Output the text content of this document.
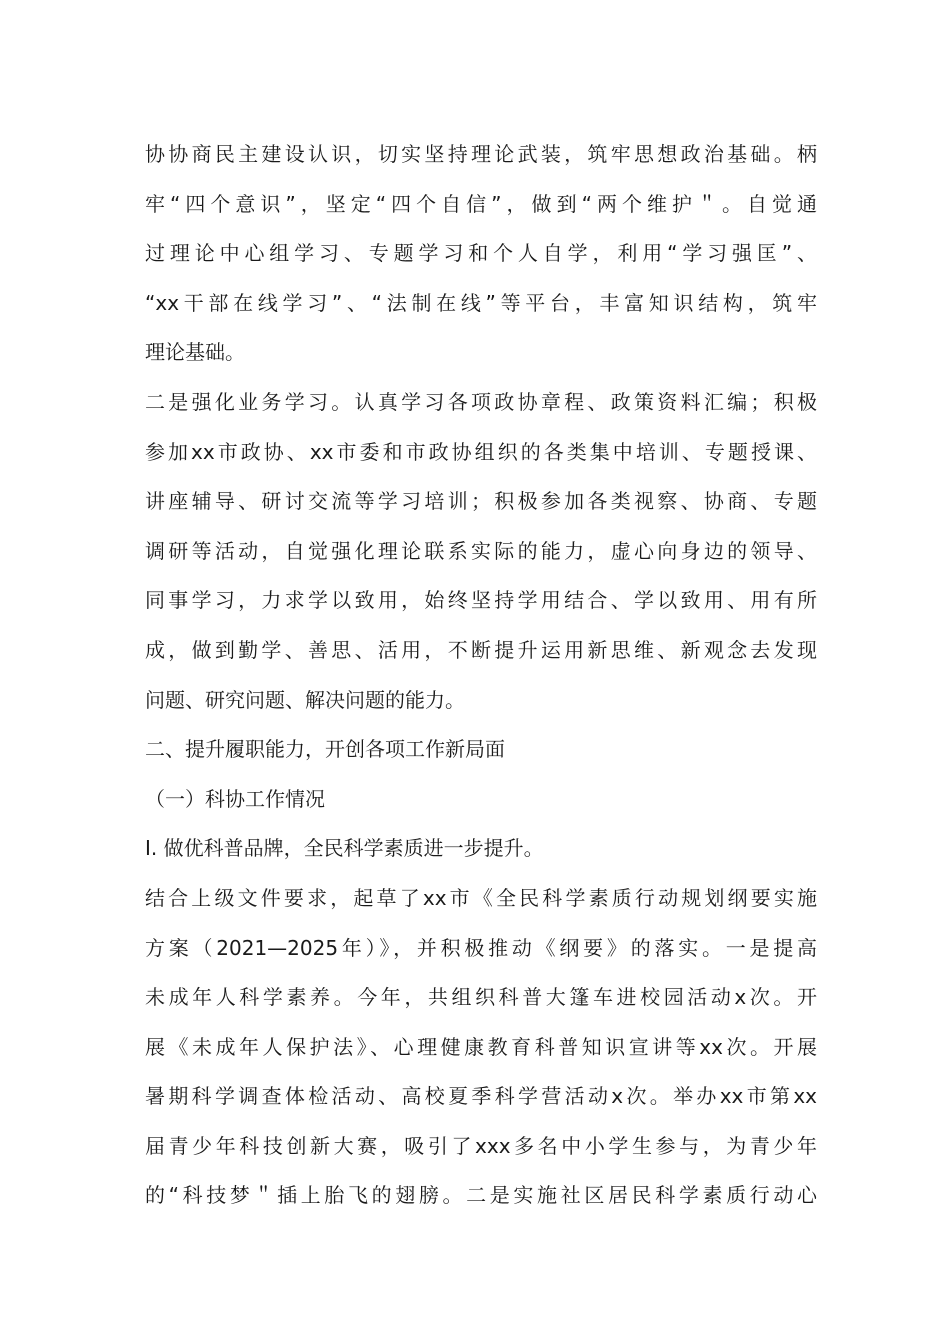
协协商民主建设认识，切实坚持理论武装，筑牢思想政治基础。柄
牢“四个意识”，坚定“四个自信”，做到“两个维护＂。自觉通
过理论中心组学习、专题学习和个人自学，利用“学习强匡”、
“xx干部在线学习”、“法制在线”等平台，丰富知识结构，筑牢
理论基础。
二是强化业务学习。认真学习各项政协章程、政策资料汇编；积极
参加xx市政协、xx市委和市政协组织的各类集中培训、专题授课、
讲座辅导、研讨交流等学习培训；积极参加各类视察、协商、专题
调研等活动，自觉强化理论联系实际的能力，虚心向身边的领导、
同事学习，力求学以致用，始终坚持学用结合、学以致用、用有所
成，做到勤学、善思、活用，不断提升运用新思维、新观念去发现
问题、研究问题、解决问题的能力。
二、提升履职能力，开创各项工作新局面
（一）科协工作情况
I. 做优科普品牌，全民科学素质进一步提升。
结合上级文件要求，起草了xx市《全民科学素质行动规划纲要实施
方案（2021—2025年）》，并积极推动《纲要》的落实。一是提高
未成年人科学素养。今年，共组织科普大篷车进校园活动x次。开
展《未成年人保护法》、心理健康教育科普知识宣讲等xx次。开展
暑期科学调查体检活动、高校夏季科学营活动x次。举办xx市第xx
届青少年科技创新大赛，吸引了xxx多名中小学生参与，为青少年
的“科技梦＂插上胎飞的翅膀。二是实施社区居民科学素质行动心
